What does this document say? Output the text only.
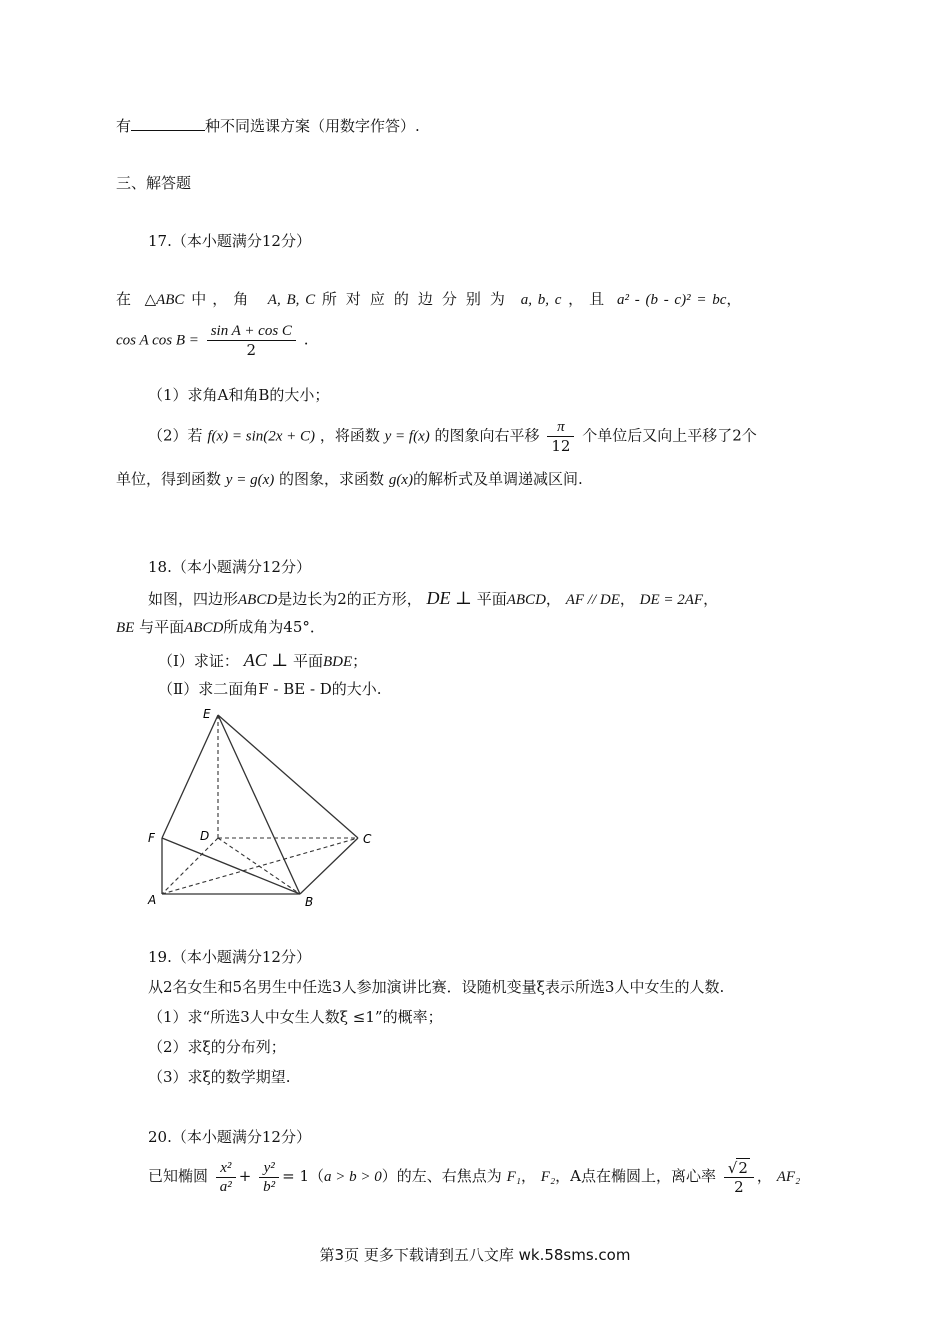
有	种不同选课方案（用数字作答）.
三、解答题
17.（本小题满分12分）
在 △ABC 中，角 A, B, C 所对应的边分别为 a, b, c ，且 a² - (b - c)² = bc，
cos A $\cos B = \frac{\text{sin A + cos C}}{2}$ .
（1）求角A和角B的大小；
（2）若 f(x) = sin(2x + C) ，将函数 y = f(x) 的图象向右平移 $\frac{\pi}{12}$ 个单位后又向上平移了2个
单位，得到函数 y = g(x) 的图象，求函数 g(x)的解析式及单调递减区间.
18.（本小题满分12分）
如图，四边形ABCD是边长为2的正方形， DE ⊥ 平面ABCD， AF // DE， DE = 2AF，
BE 与平面ABCD所成角为45°．
（Ⅰ）求证： AC ⊥ 平面BDE；
（Ⅱ）求二面角F - BE - D的大小.
E
F	D	C
A	B
19.（本小题满分12分）
从2名女生和5名男生中任选3人参加演讲比赛．设随机变量ξ表示所选3人中女生的人数.
（1）求“所选3人中女生人数ξ ≤1”的概率；
（2）求ξ的分布列；
（3）求ξ的数学期望.
20.（本小题满分12分）
已知椭圆 $\frac{\text{x²}}{\text{a²}} + \frac{\text{y²}}{\text{b²}} = 1(a > b > 0)$的左、右焦点为 F₁， F₂，A点在椭圆上，离心率 $\frac{√2}{2}$ ， AF₂
第3页 更多下载请到五八文库 wk.58sms.com
